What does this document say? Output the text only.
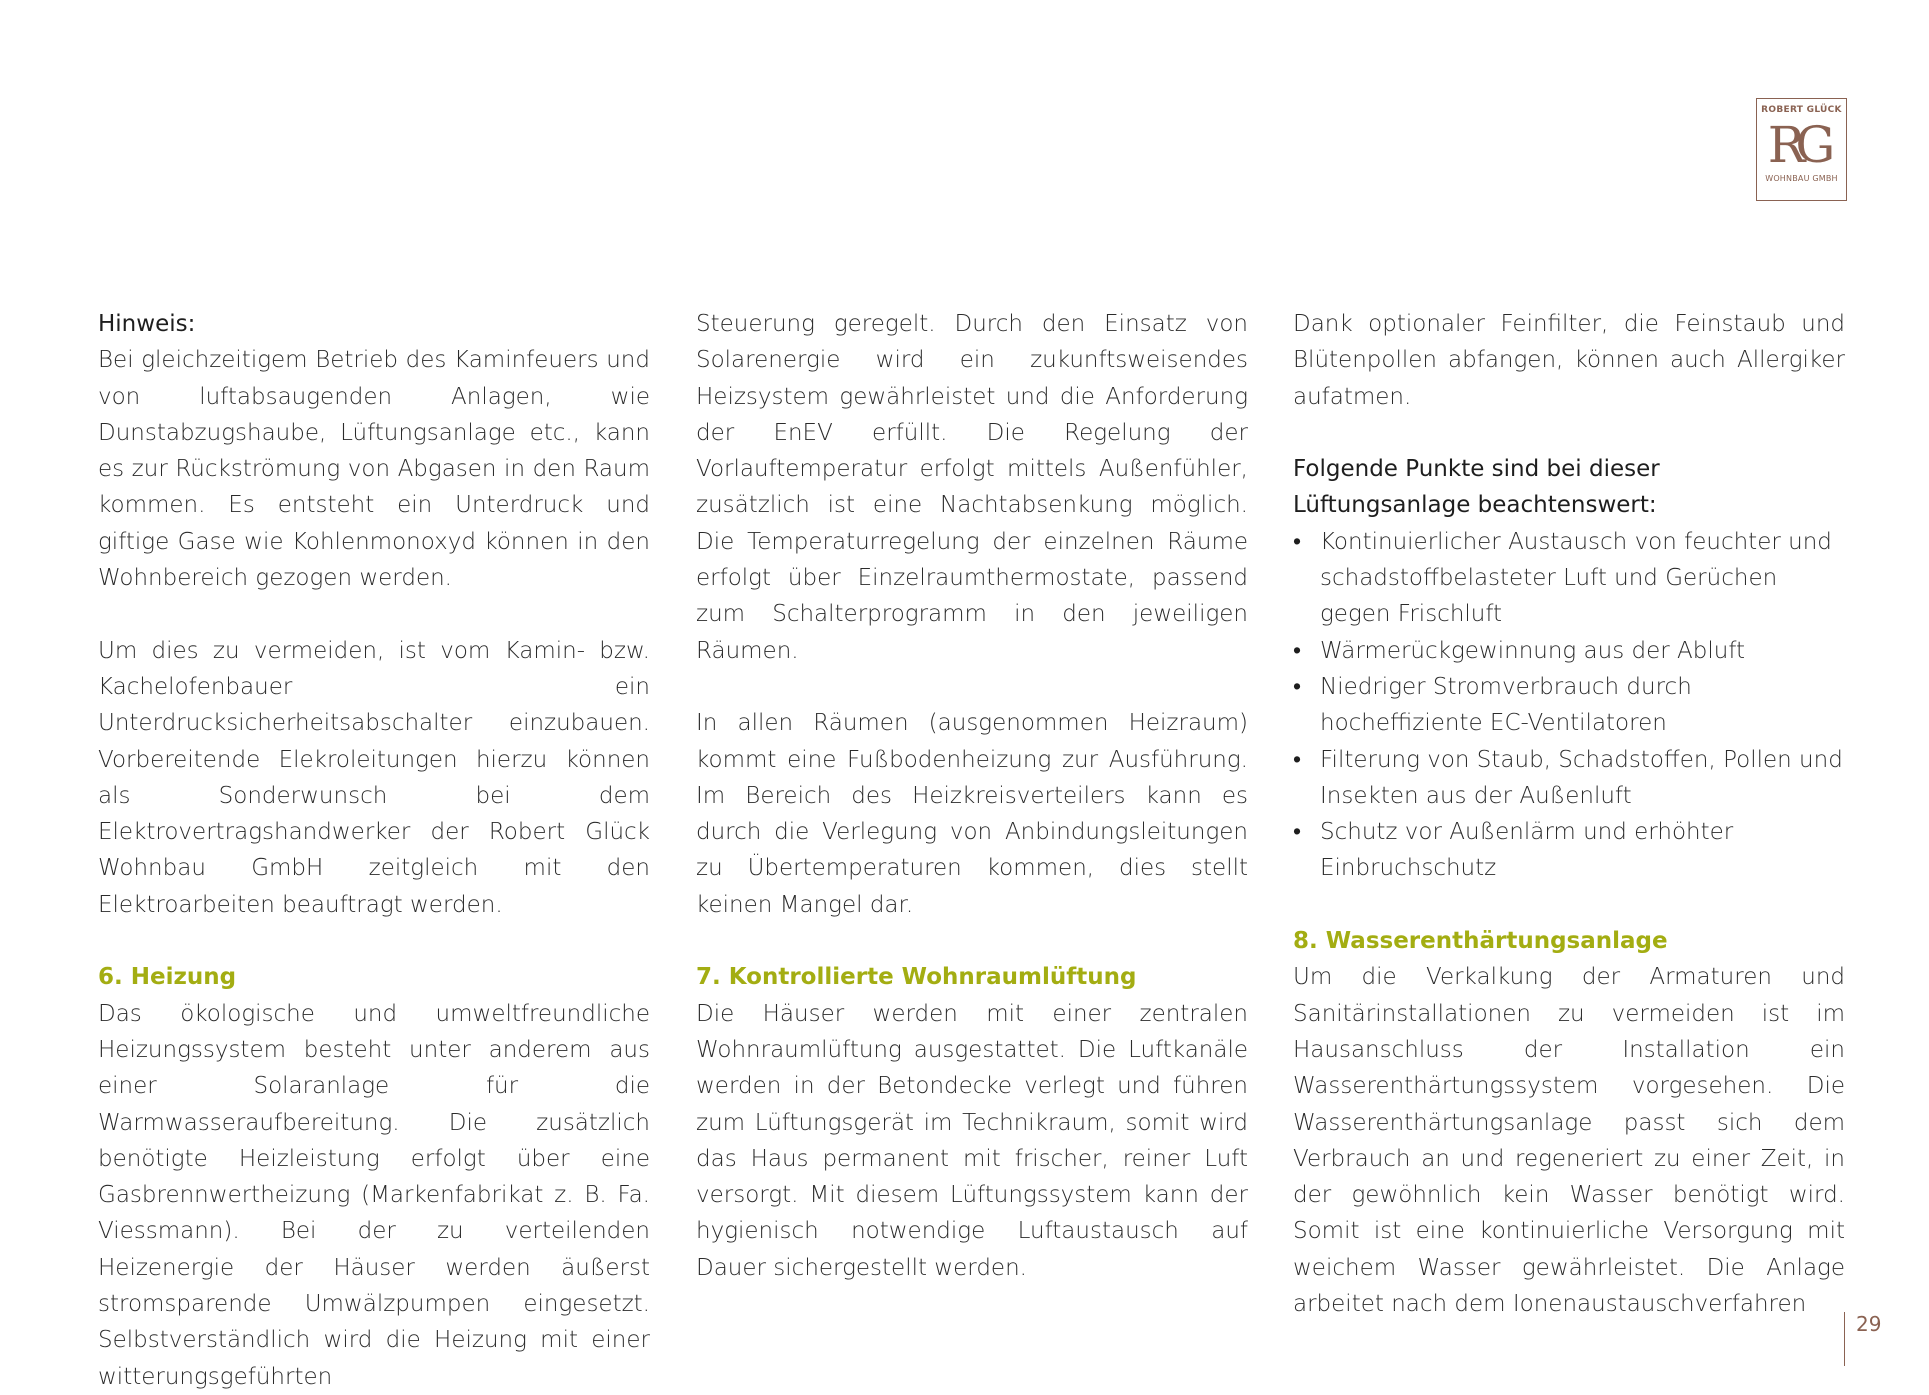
ROBERT GLÜCK
RG
WOHNBAU GMBH
Hinweis:

Bei gleichzeitigem Betrieb des Kaminfeuers und von luftabsaugenden Anlagen, wie Dunstabzugshaube, Lüftungsanlage etc., kann es zur Rückströmung von Abgasen in den Raum kommen. Es entsteht ein Unterdruck und giftige Gase wie Kohlenmonoxyd können in den Wohnbereich gezogen werden.

Um dies zu vermeiden, ist vom Kamin- bzw. Kachelofenbauer ein Unterdrucksicherheitsabschalter einzubauen. Vorbereitende Elekroleitungen hierzu können als Sonderwunsch bei dem Elektrovertragshandwerker der Robert Glück Wohnbau GmbH zeitgleich mit den Elektroarbeiten beauftragt werden.

6. Heizung

Das ökologische und umweltfreundliche Heizungssystem besteht unter anderem aus einer Solaranlage für die Warmwasseraufbereitung. Die zusätzlich benötigte Heizleistung erfolgt über eine Gasbrennwertheizung (Markenfabrikat z. B. Fa. Viessmann). Bei der zu verteilenden Heizenergie der Häuser werden äußerst stromsparende Umwälzpumpen eingesetzt. Selbstverständlich wird die Heizung mit einer witterungsgeführten

Steuerung geregelt. Durch den Einsatz von Solarenergie wird ein zukunftsweisendes Heizsystem gewährleistet und die Anforderung der EnEV erfüllt. Die Regelung der Vorlauftemperatur erfolgt mittels Außenfühler, zusätzlich ist eine Nachtabsenkung möglich. Die Temperaturregelung der einzelnen Räume erfolgt über Einzelraumthermostate, passend zum Schalterprogramm in den jeweiligen Räumen.

In allen Räumen (ausgenommen Heizraum) kommt eine Fußbodenheizung zur Ausführung. Im Bereich des Heizkreisverteilers kann es durch die Verlegung von Anbindungsleitungen zu Übertemperaturen kommen, dies stellt keinen Mangel dar.

7. Kontrollierte Wohnraumlüftung

Die Häuser werden mit einer zentralen Wohnraumlüftung ausgestattet. Die Luftkanäle werden in der Betondecke verlegt und führen zum Lüftungsgerät im Technikraum, somit wird das Haus permanent mit frischer, reiner Luft versorgt. Mit diesem Lüftungssystem kann der hygienisch notwendige Luftaustausch auf Dauer sichergestellt werden.

Dank optionaler Feinfilter, die Feinstaub und Blütenpollen abfangen, können auch Allergiker aufatmen.

Folgende Punkte sind bei dieser
Lüftungsanlage beachtenswert:
• Kontinuierlicher Austausch von feuchter und schadstoffbelasteter Luft und Gerüchen gegen Frischluft
• Wärmerückgewinnung aus der Abluft
• Niedriger Stromverbrauch durch hocheffiziente EC-Ventilatoren
• Filterung von Staub, Schadstoffen, Pollen und Insekten aus der Außenluft
• Schutz vor Außenlärm und erhöhter Einbruchschutz
8. Wasserenthärtungsanlage

Um die Verkalkung der Armaturen und Sanitärinstallationen zu vermeiden ist im Hausanschluss der Installation ein Wasserenthärtungssystem vorgesehen. Die Wasserenthärtungsanlage passt sich dem Verbrauch an und regeneriert zu einer Zeit, in der gewöhnlich kein Wasser benötigt wird. Somit ist eine kontinuierliche Versorgung mit weichem Wasser gewährleistet. Die Anlage arbeitet nach dem Ionenaustauschverfahren

29
